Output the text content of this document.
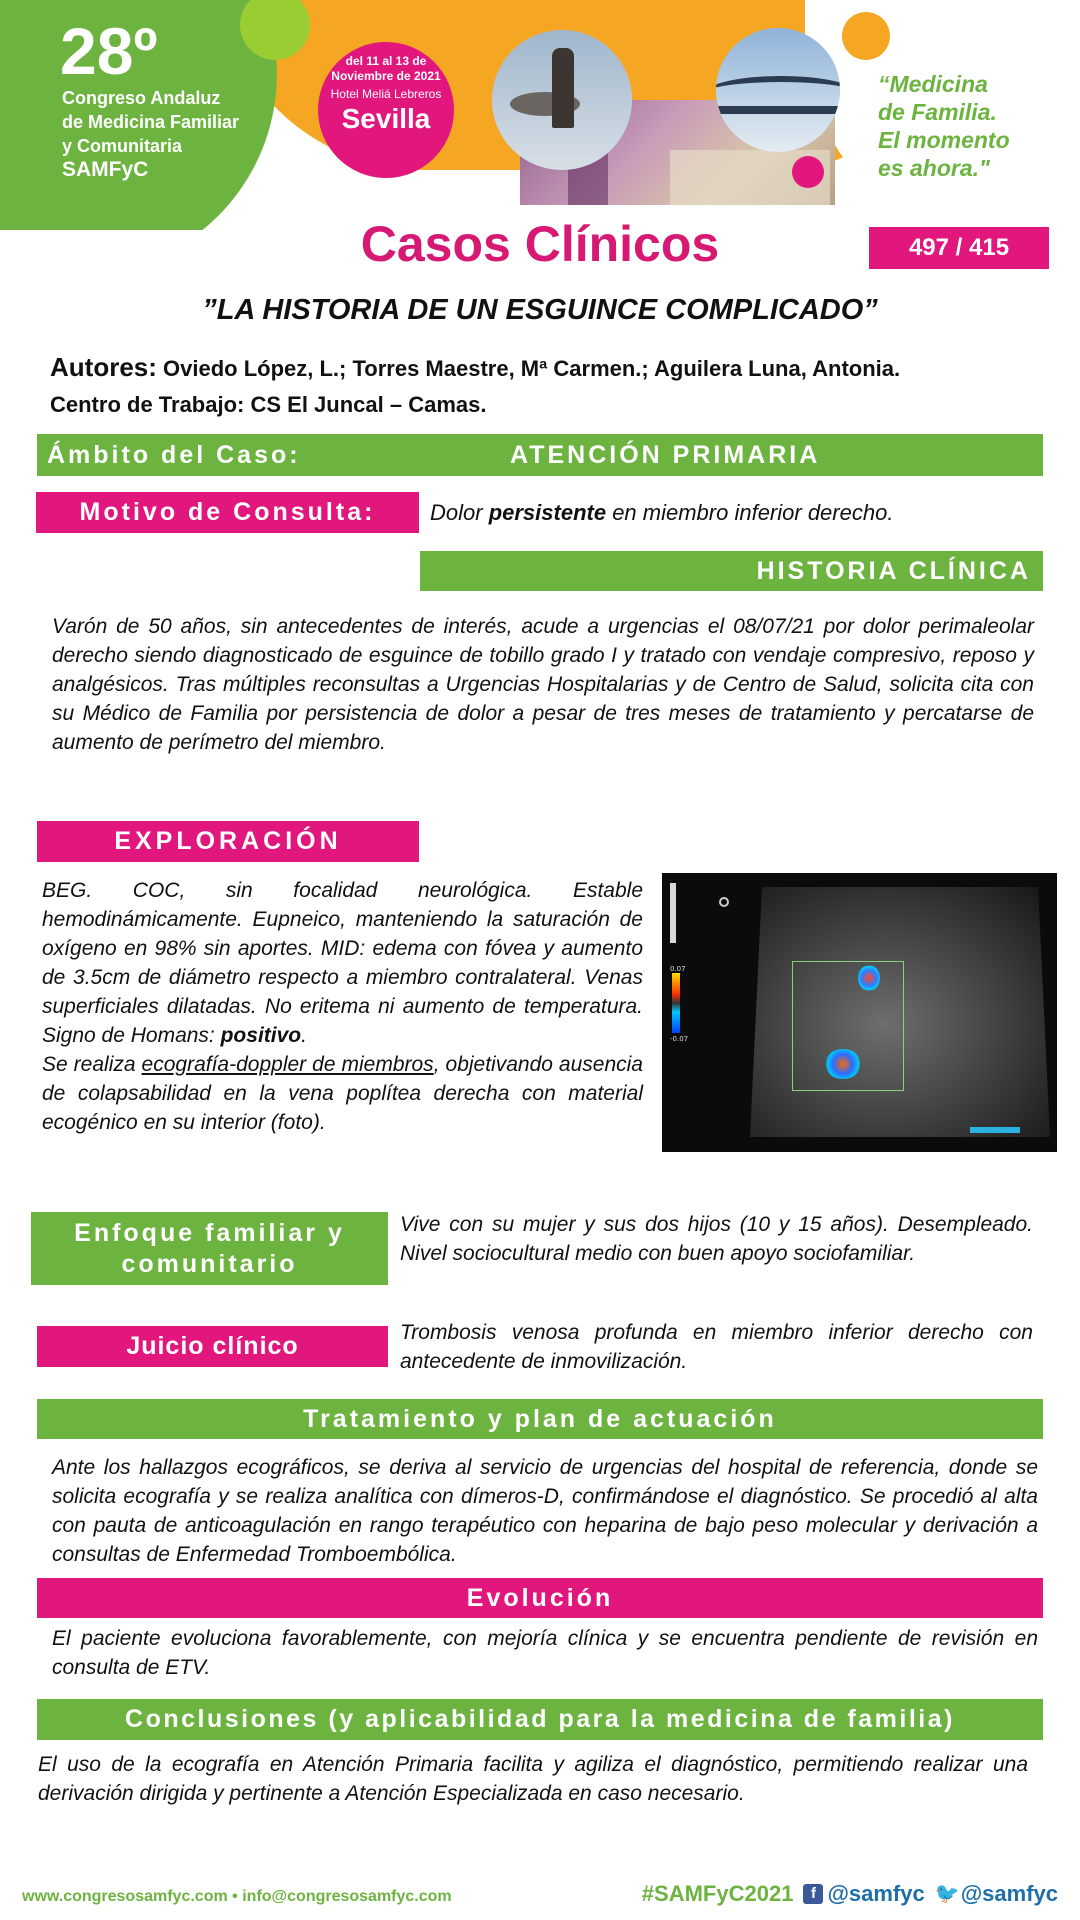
28º
Congreso Andaluz
de Medicina Familiar
y Comunitaria
SAMFyC
del 11 al 13 de
Noviembre de 2021
Hotel Meliá Lebreros
Sevilla
“Medicina
de Familia.
El momento
es ahora."
Casos Clínicos	497 / 415
”LA HISTORIA DE UN ESGUINCE COMPLICADO”
Autores: Oviedo López, L.; Torres Maestre, Mª Carmen.; Aguilera Luna, Antonia.
Centro de Trabajo: CS El Juncal – Camas.
Ámbito del Caso:	ATENCIÓN PRIMARIA
Motivo de Consulta:	Dolor persistente en miembro inferior derecho.
HISTORIA CLÍNICA
Varón de 50 años, sin antecedentes de interés, acude a urgencias el 08/07/21 por dolor perimaleolar derecho siendo diagnosticado de esguince de tobillo grado I y tratado con vendaje compresivo, reposo y analgésicos. Tras múltiples reconsultas a Urgencias Hospitalarias y de Centro de Salud, solicita cita con su Médico de Familia por persistencia de dolor a pesar de tres meses de tratamiento y percatarse de aumento de perímetro del miembro.
EXPLORACIÓN
BEG. COC, sin focalidad neurológica. Estable hemodinámicamente. Eupneico, manteniendo la saturación de oxígeno en 98% sin aportes. MID: edema con fóvea y aumento de 3.5cm de diámetro respecto a miembro contralateral. Venas superficiales dilatadas. No eritema ni aumento de temperatura. Signo de Homans: positivo.
Se realiza ecografía-doppler de miembros, objetivando ausencia de colapsabilidad en la vena poplítea derecha con material ecogénico en su interior (foto).
0.07
-0.07
Enfoque familiar y comunitario
Vive con su mujer y sus dos hijos (10 y 15 años). Desempleado. Nivel sociocultural medio con buen apoyo sociofamiliar.
Juicio clínico	Trombosis venosa profunda en miembro inferior derecho con antecedente de inmovilización.
Tratamiento y plan de actuación
Ante los hallazgos ecográficos, se deriva al servicio de urgencias del hospital de referencia, donde se solicita ecografía y se realiza analítica con dímeros-D, confirmándose el diagnóstico. Se procedió al alta con pauta de anticoagulación en rango terapéutico con heparina de bajo peso molecular y derivación a consultas de Enfermedad Tromboembólica.
Evolución
El paciente evoluciona favorablemente, con mejoría clínica y se encuentra pendiente de revisión en consulta de ETV.
Conclusiones (y aplicabilidad para la medicina de familia)
El uso de la ecografía en Atención Primaria facilita y agiliza el diagnóstico, permitiendo realizar una derivación dirigida y pertinente a Atención Especializada en caso necesario.
www.congresosamfyc.com • info@congresosamfyc.com	#SAMFyC2021	f @samfyc 🐦 @samfyc
